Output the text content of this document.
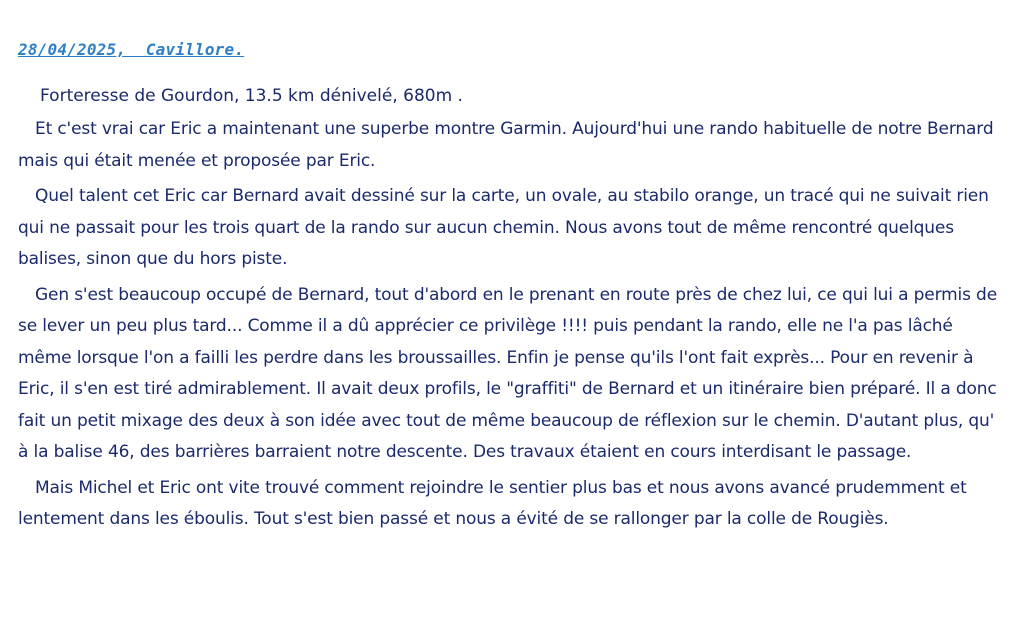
28/04/2025,  Cavillore.
Forteresse de Gourdon, 13.5 km dénivelé, 680m .

Et c'est vrai car Eric a maintenant une superbe montre Garmin. Aujourd'hui une rando habituelle de notre Bernard mais qui était menée et proposée par Eric.

Quel talent cet Eric car Bernard avait dessiné sur la carte, un ovale, au stabilo orange, un tracé qui ne suivait rien qui ne passait pour les trois quart de la rando sur aucun chemin. Nous avons tout de même rencontré quelques balises, sinon que du hors piste.

Gen s'est beaucoup occupé de Bernard, tout d'abord en le prenant en route près de chez lui, ce qui lui a permis de se lever un peu plus tard... Comme il a dû apprécier ce privilège !!!! puis pendant la rando, elle ne l'a pas lâché même lorsque l'on a failli les perdre dans les broussailles. Enfin je pense qu'ils l'ont fait exprès... Pour en revenir à Eric, il s'en est tiré admirablement. Il avait deux profils, le "graffiti" de Bernard et un itinéraire bien préparé. Il a donc fait un petit mixage des deux à son idée avec tout de même beaucoup de réflexion sur le chemin. D'autant plus, qu' à la balise 46, des barrières barraient notre descente. Des travaux étaient en cours interdisant le passage.

Mais Michel et Eric ont vite trouvé comment rejoindre le sentier plus bas et nous avons avancé prudemment et lentement dans les éboulis. Tout s'est bien passé et nous a évité de se rallonger par la colle de Rougiès.
